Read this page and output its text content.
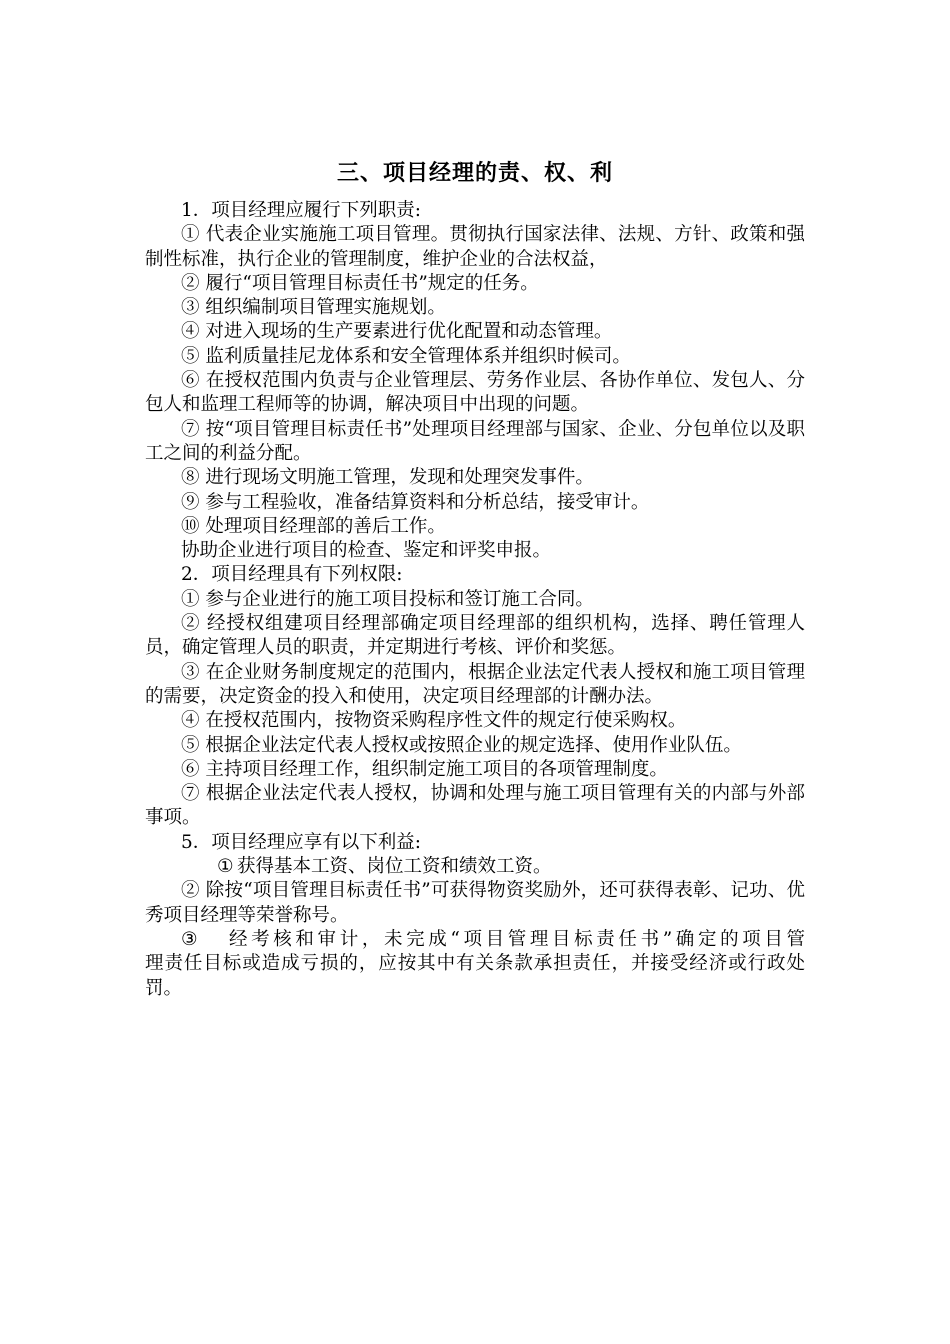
三、项目经理的责、权、利

1．项目经理应履行下列职责:

① 代表企业实施施工项目管理。贯彻执行国家法律、法规、方针、政策和强制性标准，执行企业的管理制度，维护企业的合法权益，

② 履行“项目管理目标责任书”规定的任务。

③ 组织编制项目管理实施规划。

④ 对进入现场的生产要素进行优化配置和动态管理。

⑤ 监利质量挂尼龙体系和安全管理体系并组织时候司。

⑥ 在授权范围内负责与企业管理层、劳务作业层、各协作单位、发包人、分包人和监理工程师等的协调，解决项目中出现的问题。

⑦ 按“项目管理目标责任书”处理项目经理部与国家、企业、分包单位以及职工之间的利益分配。

⑧ 进行现场文明施工管理，发现和处理突发事件。

⑨ 参与工程验收，准备结算资料和分析总结，接受审计。

⑩ 处理项目经理部的善后工作。

协助企业进行项目的检查、鉴定和评奖申报。

2．项目经理具有下列权限:

① 参与企业进行的施工项目投标和签订施工合同。

② 经授权组建项目经理部确定项目经理部的组织机构，选择、聘任管理人员，确定管理人员的职责，并定期进行考核、评价和奖惩。

③ 在企业财务制度规定的范围内，根据企业法定代表人授权和施工项目管理的需要，决定资金的投入和使用，决定项目经理部的计酬办法。

④ 在授权范围内，按物资采购程序性文件的规定行使采购权。

⑤ 根据企业法定代表人授权或按照企业的规定选择、使用作业队伍。

⑥ 主持项目经理工作，组织制定施工项目的各项管理制度。

⑦ 根据企业法定代表人授权，协调和处理与施工项目管理有关的内部与外部事项。

5．项目经理应享有以下利益:

① 获得基本工资、岗位工资和绩效工资。

② 除按“项目管理目标责任书”可获得物资奖励外，还可获得表彰、记功、优秀项目经理等荣誉称号。

③	经考核和审计，未完成“项目管理目标责任书”确定的项目管

理责任目标或造成亏损的，应按其中有关条款承担责任，并接受经济或行政处罚。
